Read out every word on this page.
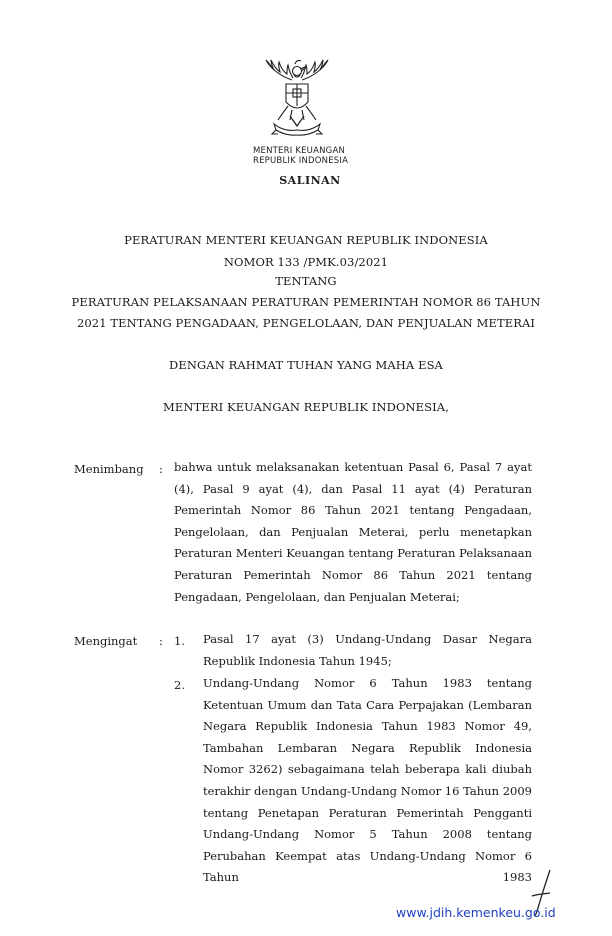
MENTERI KEUANGAN
REPUBLIK INDONESIA
SALINAN
PERATURAN MENTERI KEUANGAN REPUBLIK INDONESIA
NOMOR 133 /PMK.03/2021
TENTANG
PERATURAN PELAKSANAAN PERATURAN PEMERINTAH NOMOR 86 TAHUN
2021 TENTANG PENGADAAN, PENGELOLAAN, DAN PENJUALAN METERAI
DENGAN RAHMAT TUHAN YANG MAHA ESA
MENTERI KEUANGAN REPUBLIK INDONESIA,
Menimbang : bahwa untuk melaksanakan ketentuan Pasal 6, Pasal 7 ayat (4), Pasal 9 ayat (4), dan Pasal 11 ayat (4) Peraturan Pemerintah Nomor 86 Tahun 2021 tentang Pengadaan, Pengelolaan, dan Penjualan Meterai, perlu menetapkan Peraturan Menteri Keuangan tentang Peraturan Pelaksanaan Peraturan Pemerintah Nomor 86 Tahun 2021 tentang Pengadaan, Pengelolaan, dan Penjualan Meterai;
Mengingat : 1. Pasal 17 ayat (3) Undang-Undang Dasar Negara Republik Indonesia Tahun 1945;
2. Undang-Undang Nomor 6 Tahun 1983 tentang Ketentuan Umum dan Tata Cara Perpajakan (Lembaran Negara Republik Indonesia Tahun 1983 Nomor 49, Tambahan Lembaran Negara Republik Indonesia Nomor 3262) sebagaimana telah beberapa kali diubah terakhir dengan Undang-Undang Nomor 16 Tahun 2009 tentang Penetapan Peraturan Pemerintah Pengganti Undang-Undang Nomor 5 Tahun 2008 tentang Perubahan Keempat atas Undang-Undang Nomor 6 Tahun 1983
www.jdih.kemenkeu.go.id
